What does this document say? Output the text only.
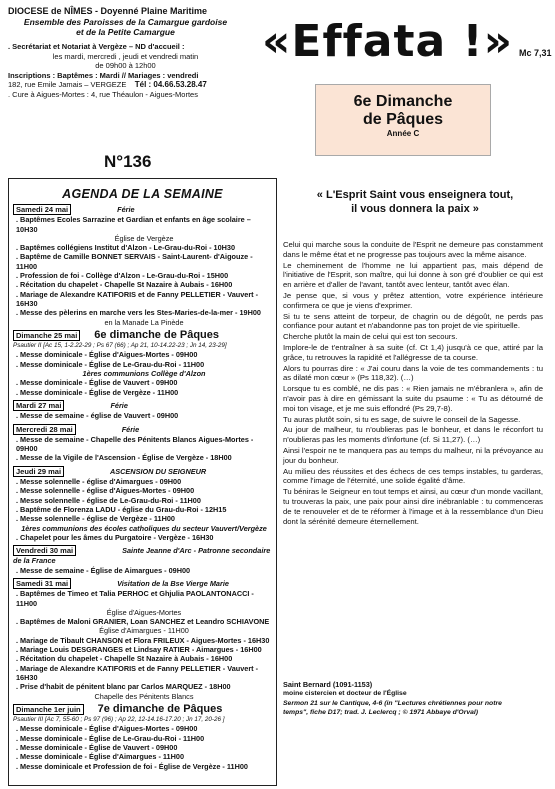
DIOCESE de NÎMES - Doyenné Plaine Maritime
Ensemble des Paroisses de la Camargue gardoise
et de la Petite Camargue
. Secrétariat et Notariat à Vergèze – ND d'accueil :
les mardi, mercredi , jeudi et vendredi matin
de 09h00 à 12h00
Inscriptions : Baptêmes : Mardi // Mariages : vendredi
182, rue Emile Jamais – VERGEZE Tél : 04.66.53.28.47
. Cure à Aigues-Mortes : 4, rue Théaulon - Aigues-Mortes
«Effata !» Mc 7,31
6e Dimanche
de Pâques
Année C
N°136
AGENDA DE LA SEMAINE
Samedi 24 mai	Férie
. Baptêmes Ecoles Sarrazine et Gardian et enfants en âge scolaire – 10H30
Église de Vergèze
. Baptêmes collégiens Institut d'Alzon - Le-Grau-du-Roi - 10H30
. Baptême de Camille BONNET SERVAIS - Saint-Laurent- d'Aigouze - 11H00
. Profession de foi - Collège d'Alzon - Le-Grau-du-Roi - 15H00
. Récitation du chapelet - Chapelle St Nazaire à Aubais - 16H00
. Mariage de Alexandre KATIFORIS et de Fanny PELLETIER - Vauvert - 16H30
. Messe des pèlerins en marche vers les Stes-Maries-de-la-mer - 19H00
en la Manade La Pinède
Dimanche 25 mai 6e dimanche de Pâques
Psautier II [Ac 15, 1-2.22-29 ; Ps 67 (66) ; Ap 21, 10-14.22-23 ; Jn 14, 23-29]
. Messe dominicale - Église d'Aigues-Mortes - 09H00
. Messe dominicale - Église de Le-Grau-du-Roi - 11H00
1ères communions Collège d'Alzon
. Messe dominicale - Église de Vauvert - 09H00
. Messe dominicale - Église de Vergèze - 11H00
Mardi 27 mai	Férie
. Messe de semaine - église de Vauvert - 09H00
Mercredi 28 mai	Férie
. Messe de semaine - Chapelle des Pénitents Blancs Aigues-Mortes - 09H00
. Messe de la Vigile de l'Ascension - Église de Vergèze - 18H00
Jeudi 29 mai	ASCENSION DU SEIGNEUR
. Messe solennelle - église d'Aimargues - 09H00
. Messe solennelle - église d'Aigues-Mortes - 09H00
. Messe solennelle - église de Le-Grau-du-Roi - 11H00
. Baptême de Florenza LADU - église du Grau-du-Roi - 12H15
. Messe solennelle - église de Vergèze - 11H00
1ères communions des écoles catholiques du secteur Vauvert/Vergèze
. Chapelet pour les âmes du Purgatoire - Vergèze - 16H30
Vendredi 30 mai	Sainte Jeanne d'Arc - Patronne secondaire de la France
. Messe de semaine - Église de Aimargues - 09H00
Samedi 31 mai	Visitation de la Bse Vierge Marie
. Baptêmes de Timeo et Talia PERHOC et Ghjulia PAOLANTONACCI - 11H00
Église d'Aigues-Mortes
. Baptêmes de Maloni GRANIER, Loan SANCHEZ et Leandro SCHIAVONE
Église d'Aimargues - 11H00
. Mariage de Tibault CHANSON et Flora FRILEUX - Aigues-Mortes - 16H30
. Mariage Louis DESGRANGES et Lindsay RATIER - Aimargues - 16H00
. Récitation du chapelet - Chapelle St Nazaire à Aubais - 16H00
. Mariage de Alexandre KATIFORIS et de Fanny PELLETIER - Vauvert - 16H30
. Prise d'habit de pénitent blanc par Carlos MARQUEZ - 18H00
Chapelle des Pénitents Blancs
Dimanche 1er juin 7e dimanche de Pâques
Psautier III [Ac 7, 55-60 ; Ps 97 (96) ; Ap 22, 12-14.16-17.20 ; Jn 17, 20-26 ]
. Messe dominicale - Église d'Aigues-Mortes - 09H00
. Messe dominicale - Église de Le-Grau-du-Roi - 11H00
. Messe dominicale - Église de Vauvert - 09H00
. Messe dominicale - Église d'Aimargues - 11H00
. Messe dominicale et Profession de foi - Église de Vergèze - 11H00
« L'Esprit Saint vous enseignera tout,
il vous donnera la paix »

Celui qui marche sous la conduite de l'Esprit ne demeure pas constamment dans le même état et ne progresse pas toujours avec la même aisance.

Le cheminement de l'homme ne lui appartient pas, mais dépend de l'initiative de l'Esprit, son maître, qui lui donne à son gré d'oublier ce qui est en arrière et d'aller de l'avant, tantôt avec lenteur, tantôt avec élan.

Je pense que, si vous y prêtez attention, votre expérience intérieure confirmera ce que je viens d'exprimer.

Si tu te sens atteint de torpeur, de chagrin ou de dégoût, ne perds pas confiance pour autant et n'abandonne pas ton projet de vie spirituelle.

Cherche plutôt la main de celui qui est ton secours.

Implore-le de t'entraîner à sa suite (cf. Ct 1,4) jusqu'à ce que, attiré par la grâce, tu retrouves la rapidité et l'allégresse de ta course.

Alors tu pourras dire : « J'ai couru dans la voie de tes commandements : tu as dilaté mon cœur » (Ps 118,32). (…)

Lorsque tu es comblé, ne dis pas : « Rien jamais ne m'ébranlera », afin de n'avoir pas à dire en gémissant la suite du psaume : « Tu as détourné de moi ton visage, et je me suis effondré (Ps 29,7-8).

Tu auras plutôt soin, si tu es sage, de suivre le conseil de la Sagesse.

Au jour de malheur, tu n'oublieras pas le bonheur, et dans le réconfort tu n'oublieras pas les moments d'infortune (cf. Si 11,27). (…)

Ainsi l'espoir ne te manquera pas au temps du malheur, ni la prévoyance au jour du bonheur.

Au milieu des réussites et des échecs de ces temps instables, tu garderas, comme l'image de l'éternité, une solide égalité d'âme.

Tu béniras le Seigneur en tout temps et ainsi, au cœur d'un monde vacillant, tu trouveras la paix, une paix pour ainsi dire inébranlable : tu commenceras de te renouveler et de te réformer à l'image et à la ressemblance d'un Dieu dont la sérénité demeure éternellement.

Saint Bernard (1091-1153)
moine cistercien et docteur de l'Église
Sermon 21 sur le Cantique, 4-6 (in "Lectures chrétiennes pour notre
temps", fiche D17; trad. J. Leclercq ; © 1971 Abbaye d'Orval)
